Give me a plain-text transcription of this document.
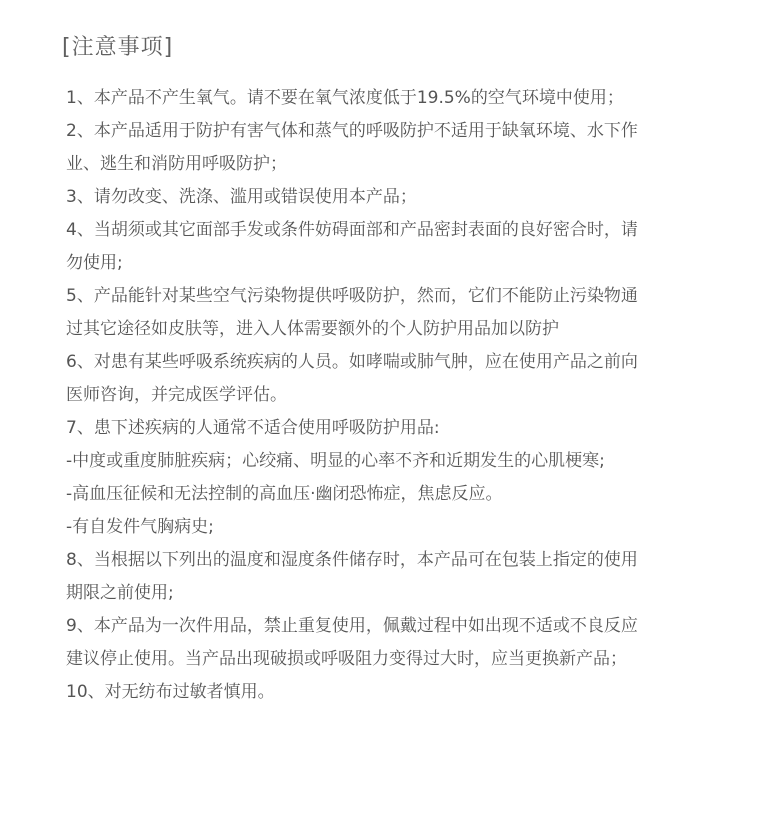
[注意事项]
1、本产品不产生氧气。请不要在氧气浓度低于19.5%的空气环境中使用；
2、本产品适用于防护有害气体和蒸气的呼吸防护不适用于缺氧环境、水下作
业、逃生和消防用呼吸防护；
3、请勿改变、洗涤、滥用或错误使用本产品；
4、当胡须或其它面部手发或条件妨碍面部和产品密封表面的良好密合时，请
勿使用;
5、产品能针对某些空气污染物提供呼吸防护，然而，它们不能防止污染物通
过其它途径如皮肤等，进入人体需要额外的个人防护用品加以防护
6、对患有某些呼吸系统疾病的人员。如哮喘或肺气肿，应在使用产品之前向
医师咨询，并完成医学评估。
7、患下述疾病的人通常不适合使用呼吸防护用品:
-中度或重度肺脏疾病；心绞痛、明显的心率不齐和近期发生的心肌梗寒;
-高血压征候和无法控制的高血压·幽闭恐怖症，焦虑反应。
-有自发件气胸病史;
8、当根据以下列出的温度和湿度条件储存时，本产品可在包装上指定的使用
期限之前使用;
9、本产品为一次件用品，禁止重复使用，佩戴过程中如出现不适或不良反应
建议停止使用。当产品出现破损或呼吸阻力变得过大时，应当更换新产品；
10、对无纺布过敏者慎用。
